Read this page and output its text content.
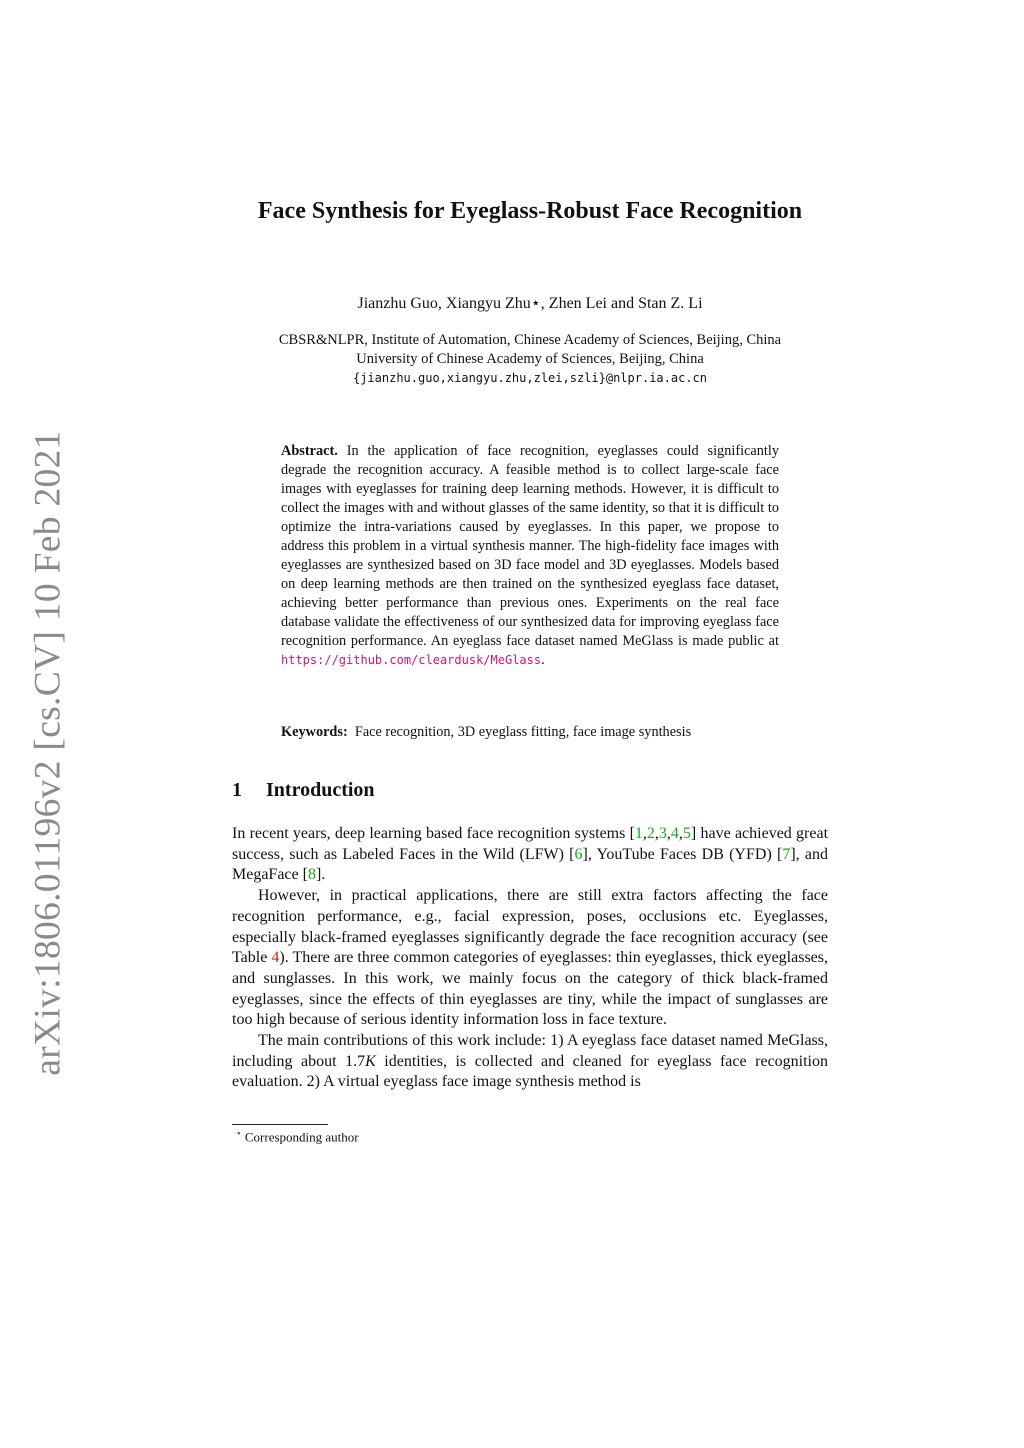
arXiv:1806.01196v2 [cs.CV] 10 Feb 2021
Face Synthesis for Eyeglass-Robust Face Recognition
Jianzhu Guo, Xiangyu Zhu⋆, Zhen Lei and Stan Z. Li
CBSR&NLPR, Institute of Automation, Chinese Academy of Sciences, Beijing, China
University of Chinese Academy of Sciences, Beijing, China
{jianzhu.guo,xiangyu.zhu,zlei,szli}@nlpr.ia.ac.cn
Abstract. In the application of face recognition, eyeglasses could significantly degrade the recognition accuracy. A feasible method is to collect large-scale face images with eyeglasses for training deep learning methods. However, it is difficult to collect the images with and without glasses of the same identity, so that it is difficult to optimize the intra-variations caused by eyeglasses. In this paper, we propose to address this problem in a virtual synthesis manner. The high-fidelity face images with eyeglasses are synthesized based on 3D face model and 3D eyeglasses. Models based on deep learning methods are then trained on the synthesized eyeglass face dataset, achieving better performance than previous ones. Experiments on the real face database validate the effectiveness of our synthesized data for improving eyeglass face recognition performance. An eyeglass face dataset named MeGlass is made public at https://github.com/cleardusk/MeGlass.
Keywords: Face recognition, 3D eyeglass fitting, face image synthesis
1 Introduction

In recent years, deep learning based face recognition systems [1,2,3,4,5] have achieved great success, such as Labeled Faces in the Wild (LFW) [6], YouTube Faces DB (YFD) [7], and MegaFace [8].

However, in practical applications, there are still extra factors affecting the face recognition performance, e.g., facial expression, poses, occlusions etc. Eyeglasses, especially black-framed eyeglasses significantly degrade the face recognition accuracy (see Table 4). There are three common categories of eyeglasses: thin eyeglasses, thick eyeglasses, and sunglasses. In this work, we mainly focus on the category of thick black-framed eyeglasses, since the effects of thin eyeglasses are tiny, while the impact of sunglasses are too high because of serious identity information loss in face texture.

The main contributions of this work include: 1) A eyeglass face dataset named MeGlass, including about 1.7K identities, is collected and cleaned for eyeglass face recognition evaluation. 2) A virtual eyeglass face image synthesis method is

⋆ Corresponding author
